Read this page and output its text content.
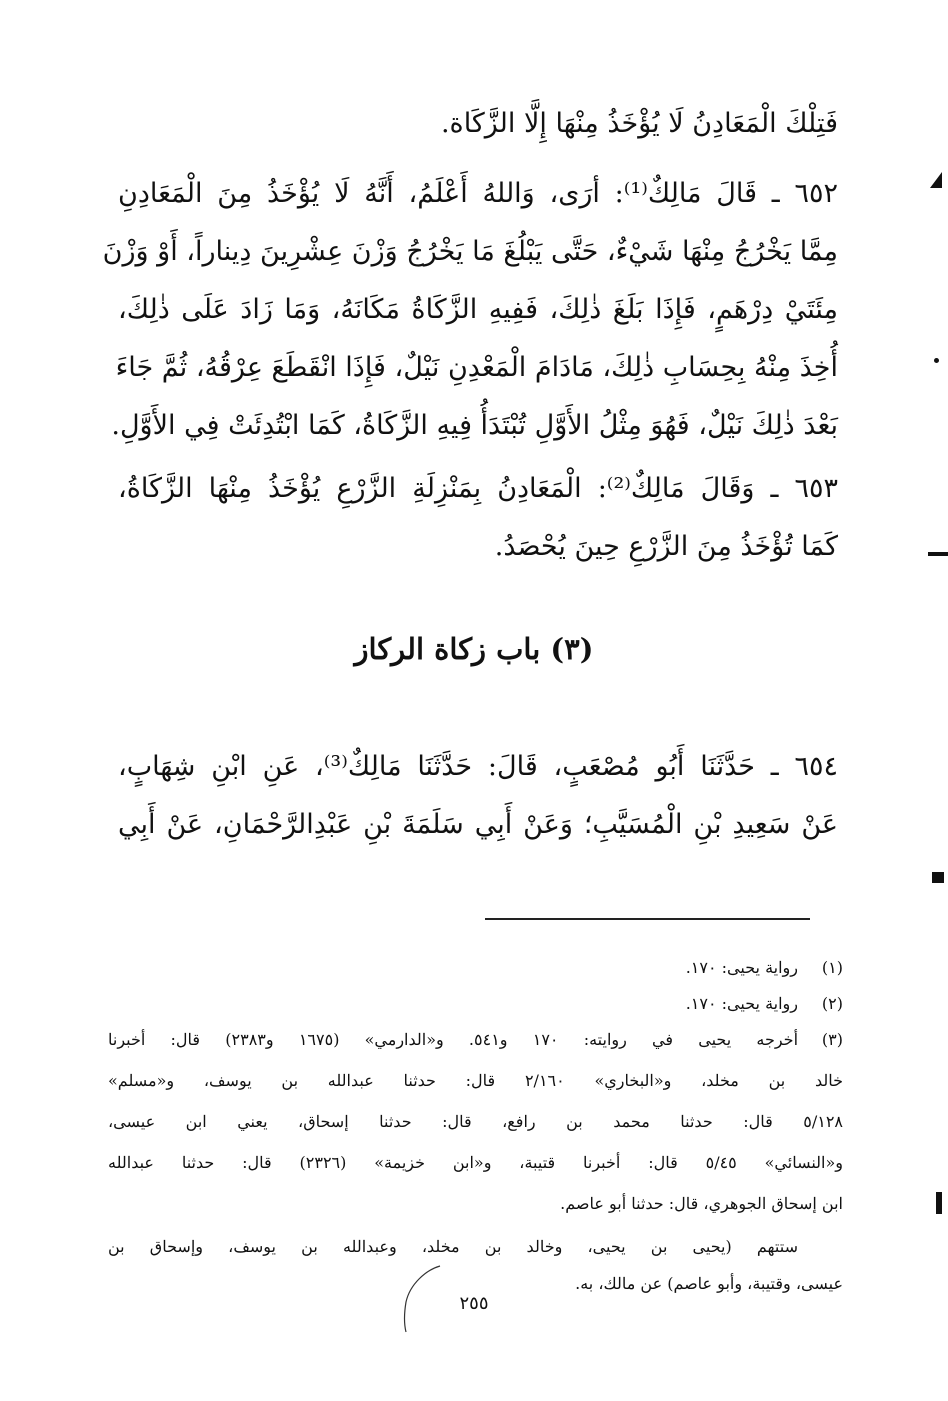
فَتِلْكَ الْمَعَادِنُ لَا يُؤْخَذُ مِنْهَا إِلَّا الزَّكَاة.
٦٥٢ ـ قَالَ مَالِكٌ⁽¹⁾: أرَى، وَاللهُ أَعْلَمُ، أَنَّهُ لَا يُؤْخَذُ مِنَ الْمَعَادِنِ
مِمَّا يَخْرُجُ مِنْهَا شَيْءٌ، حَتَّى يَبْلُغَ مَا يَخْرُجُ وَزْنَ عِشْرِينَ دِيناراً، أَوْ وَزْنَ
مِئَتَيْ دِرْهَمٍ، فَإِذَا بَلَغَ ذٰلِكَ، فَفِيهِ الزَّكَاةُ مَكَانَهُ، وَمَا زَادَ عَلَى ذٰلِكَ،
أُخِذَ مِنْهُ بِحِسَابِ ذٰلِكَ، مَادَامَ الْمَعْدِنِ نَيْلٌ، فَإِذَا انْقَطَعَ عِرْقُهُ، ثُمَّ جَاءَ
بَعْدَ ذٰلِكَ نَيْلٌ، فَهُوَ مِثْلُ الأَوَّلِ تُبْتَدَأُ فِيهِ الزَّكَاةُ، كَمَا ابْتُدِئَتْ فِي الأَوَّلِ.
٦٥٣ ـ وَقَالَ مَالِكٌ⁽²⁾: الْمَعَادِنُ بِمَنْزِلَةِ الزَّرْعِ يُؤْخَذُ مِنْهَا الزَّكَاةُ،
كَمَا تُؤْخَذُ مِنَ الزَّرْعِ حِينَ يُحْصَدُ.
(٣) باب زكاة الركاز
٦٥٤ ـ حَدَّثَنَا أَبُو مُصْعَبٍ، قَالَ: حَدَّثَنَا مَالِكٌ⁽³⁾، عَنِ ابْنِ شِهَابٍ،
عَنْ سَعِيدِ بْنِ الْمُسَيَّبِ؛ وَعَنْ أَبِي سَلَمَةَ بْنِ عَبْدِالرَّحْمَانِ، عَنْ أَبِي
(١)
رواية يحيى: ١٧٠.
(٢)
رواية يحيى: ١٧٠.
(٣)
أخرجه يحيى في روايته: ١٧٠ و٥٤١. و«الدارمي» (١٦٧٥ و٢٣٨٣) قال: أخبرنا
خالد بن مخلد، و«البخاري» ٢/١٦٠ قال: حدثنا عبدالله بن يوسف، و«مسلم»
٥/١٢٨ قال: حدثنا محمد بن رافع، قال: حدثنا إسحاق، يعني ابن عيسى،
و«النسائي» ٥/٤٥ قال: أخبرنا قتيبة، و«ابن خزيمة» (٢٣٢٦) قال: حدثنا عبدالله
ابن إسحاق الجوهري، قال: حدثنا أبو عاصم.
ستتهم (يحيى بن يحيى، وخالد بن مخلد، وعبدالله بن يوسف، وإسحاق بن
عيسى، وقتيبة، وأبو عاصم) عن مالك، به.
٢٥٥
